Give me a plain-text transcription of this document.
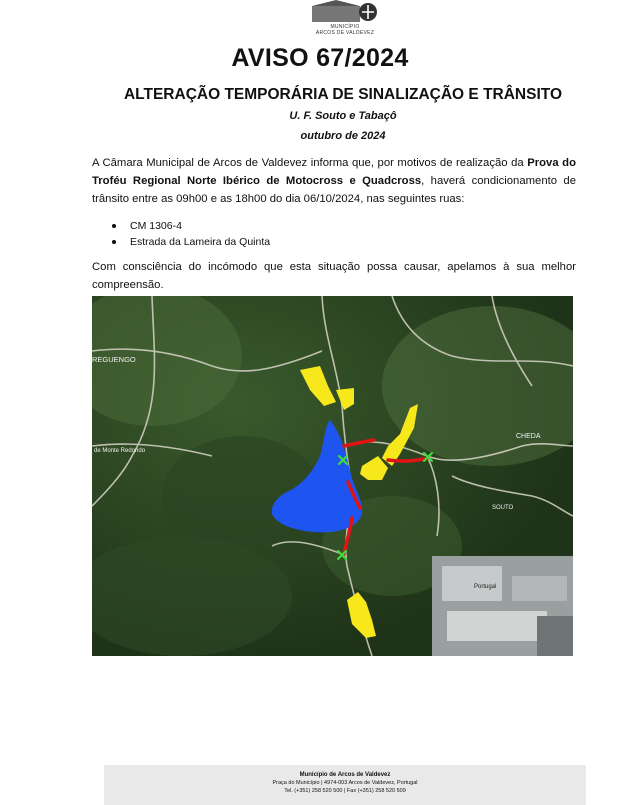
MUNICÍPIO
ARCOS DE VALDEVEZ
AVISO 67/2024
ALTERAÇÃO TEMPORÁRIA DE SINALIZAÇÃO E TRÂNSITO
U. F. Souto e Tabaçô
outubro de 2024

A Câmara Municipal de Arcos de Valdevez informa que, por motivos de realização da Prova do Troféu Regional Norte Ibérico de Motocross e Quadcross, haverá condicionamento de trânsito entre as 09h00 e as 18h00 do dia 06/10/2024, nas seguintes ruas:

CM 1306-4
Estrada da Lameira da Quinta

Com consciência do incómodo que esta situação possa causar, apelamos à sua melhor compreensão.

REGUENGO
de Monte Redondo
CHEDA
SOUTO
Portugal
Município de Arcos de Valdevez
Praça do Município | 4974-003 Arcos de Valdevez, Portugal
Tel. (+351) 258 520 500 | Fax (+351) 258 520 509
